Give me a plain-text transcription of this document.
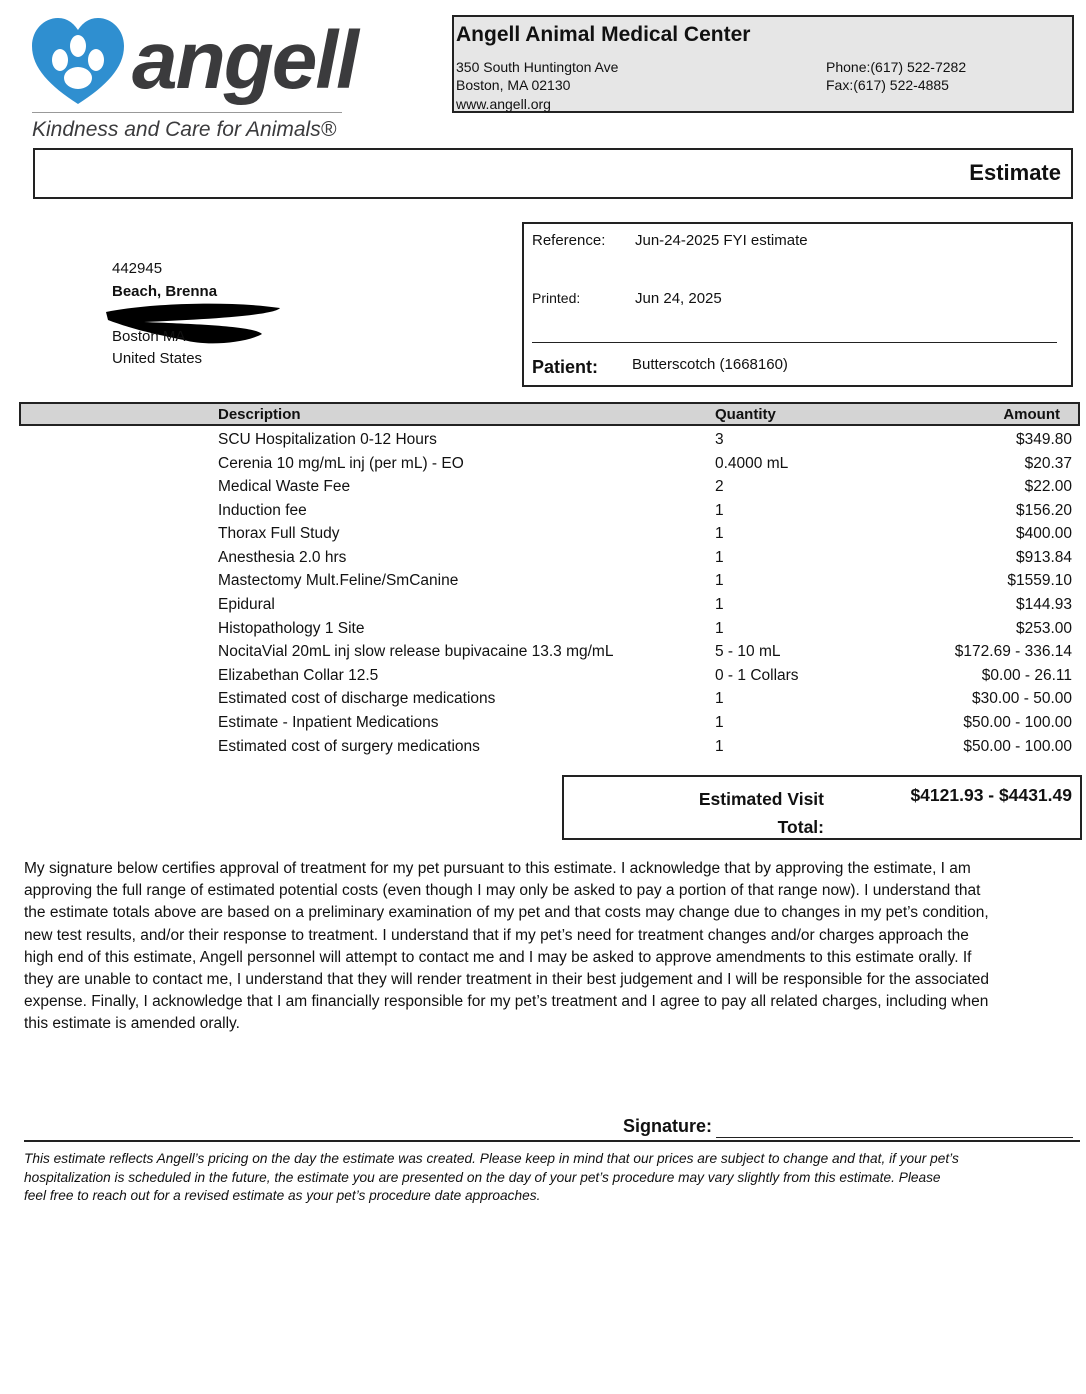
angell
Kindness and Care for Animals®
Angell Animal Medical Center
350 South Huntington Ave
Boston, MA 02130
www.angell.org
Phone:(617) 522-7282
Fax:(617) 522-4885
Estimate
442945
Beach, Brenna
Boston MA
United States
Reference: Jun-24-2025 FYI estimate
Printed:	Jun 24, 2025
Patient: Butterscotch (1668160)
Description	Quantity	Amount
SCU Hospitalization 0-12 Hours	3	$349.80
Cerenia 10 mg/mL inj (per mL) - EO	0.4000 mL	$20.37
Medical Waste Fee	2	$22.00
Induction fee	1	$156.20
Thorax Full Study	1	$400.00
Anesthesia 2.0 hrs	1	$913.84
Mastectomy Mult.Feline/SmCanine	1	$1559.10
Epidural	1	$144.93
Histopathology 1 Site	1	$253.00
NocitaVial 20mL inj slow release bupivacaine 13.3 mg/mL	5 - 10 mL	$172.69 - 336.14
Elizabethan Collar 12.5	0 - 1 Collars	$0.00 - 26.11
Estimated cost of discharge medications	1	$30.00 - 50.00
Estimate - Inpatient Medications	1	$50.00 - 100.00
Estimated cost of surgery medications	1	$50.00 - 100.00
Estimated Visit
Total:
$4121.93 - $4431.49
My signature below certifies approval of treatment for my pet pursuant to this estimate. I acknowledge that by approving the estimate, I am approving the full range of estimated potential costs (even though I may only be asked to pay a portion of that range now). I understand that the estimate totals above are based on a preliminary examination of my pet and that costs may change due to changes in my pet’s condition, new test results, and/or their response to treatment. I understand that if my pet’s need for treatment changes and/or charges approach the high end of this estimate, Angell personnel will attempt to contact me and I may be asked to approve amendments to this estimate orally. If they are unable to contact me, I understand that they will render treatment in their best judgement and I will be responsible for the associated expense. Finally, I acknowledge that I am financially responsible for my pet’s treatment and I agree to pay all related charges, including when this estimate is amended orally.
Signature:
This estimate reflects Angell’s pricing on the day the estimate was created. Please keep in mind that our prices are subject to change and that, if your pet’s hospitalization is scheduled in the future, the estimate you are presented on the day of your pet’s procedure may vary slightly from this estimate. Please feel free to reach out for a revised estimate as your pet’s procedure date approaches.
